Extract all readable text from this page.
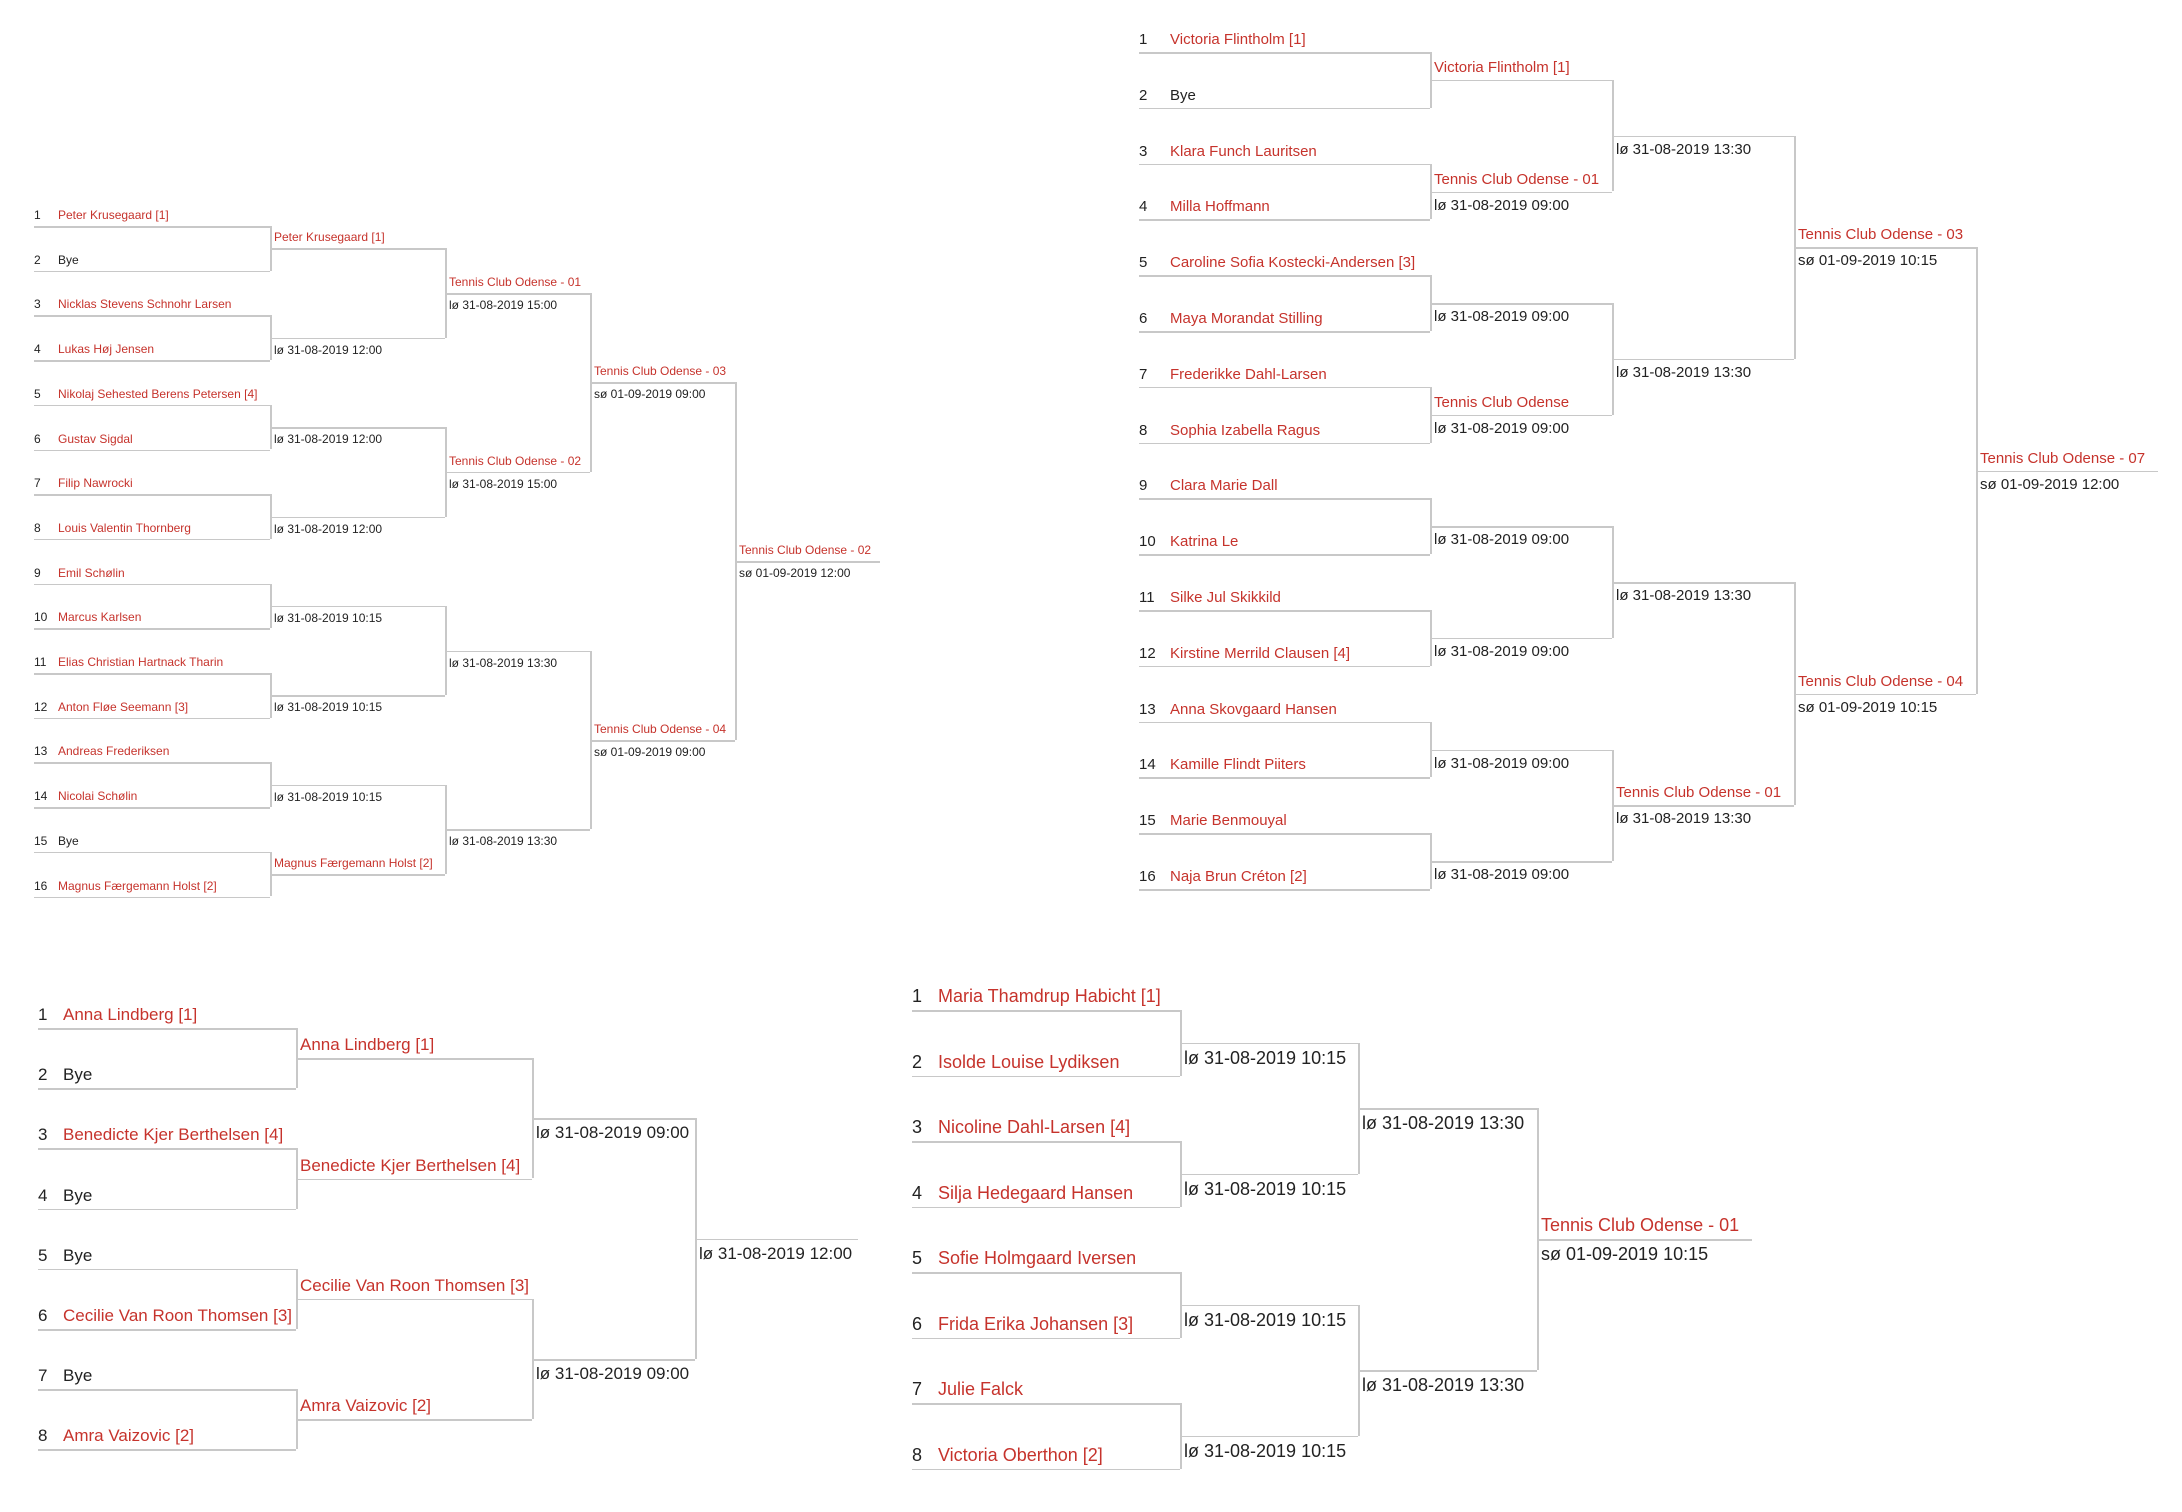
1 Peter Krusegaard [1]
2 Bye
3 Nicklas Stevens Schnohr Larsen
4 Lukas Høj Jensen
5 Nikolaj Sehested Berens Petersen [4]
6 Gustav Sigdal
7 Filip Nawrocki
8 Louis Valentin Thornberg
9 Emil Schølin
10 Marcus Karlsen
11 Elias Christian Hartnack Tharin
12 Anton Fløe Seemann [3]
13 Andreas Frederiksen
14 Nicolai Schølin
15 Bye
16 Magnus Færgemann Holst [2]
Peter Krusegaard [1]
lø 31-08-2019 12:00
lø 31-08-2019 12:00
lø 31-08-2019 12:00
lø 31-08-2019 10:15
lø 31-08-2019 10:15
lø 31-08-2019 10:15
Magnus Færgemann Holst [2]
Tennis Club Odense - 01
lø 31-08-2019 15:00
Tennis Club Odense - 02
lø 31-08-2019 15:00
lø 31-08-2019 13:30
lø 31-08-2019 13:30
Tennis Club Odense - 03
sø 01-09-2019 09:00
Tennis Club Odense - 04
sø 01-09-2019 09:00
Tennis Club Odense - 02
sø 01-09-2019 12:00
1 Victoria Flintholm [1]
2 Bye
3 Klara Funch Lauritsen
4 Milla Hoffmann
5 Caroline Sofia Kostecki-Andersen [3]
6 Maya Morandat Stilling
7 Frederikke Dahl-Larsen
8 Sophia Izabella Ragus
9 Clara Marie Dall
10 Katrina Le
11 Silke Jul Skikkild
12 Kirstine Merrild Clausen [4]
13 Anna Skovgaard Hansen
14 Kamille Flindt Piiters
15 Marie Benmouyal
16 Naja Brun Créton [2]
Victoria Flintholm [1]
Tennis Club Odense - 01
lø 31-08-2019 09:00
lø 31-08-2019 09:00
Tennis Club Odense
lø 31-08-2019 09:00
lø 31-08-2019 09:00
lø 31-08-2019 09:00
lø 31-08-2019 09:00
lø 31-08-2019 09:00
lø 31-08-2019 13:30
lø 31-08-2019 13:30
lø 31-08-2019 13:30
Tennis Club Odense - 01
lø 31-08-2019 13:30
Tennis Club Odense - 03
sø 01-09-2019 10:15
Tennis Club Odense - 04
sø 01-09-2019 10:15
Tennis Club Odense - 07
sø 01-09-2019 12:00
1 Anna Lindberg [1]
2 Bye
3 Benedicte Kjer Berthelsen [4]
4 Bye
5 Bye
6 Cecilie Van Roon Thomsen [3]
7 Bye
8 Amra Vaizovic [2]
Anna Lindberg [1]
Benedicte Kjer Berthelsen [4]
Cecilie Van Roon Thomsen [3]
Amra Vaizovic [2]
lø 31-08-2019 09:00
lø 31-08-2019 09:00
lø 31-08-2019 12:00
1 Maria Thamdrup Habicht [1]
2 Isolde Louise Lydiksen
3 Nicoline Dahl-Larsen [4]
4 Silja Hedegaard Hansen
5 Sofie Holmgaard Iversen
6 Frida Erika Johansen [3]
7 Julie Falck
8 Victoria Oberthon [2]
lø 31-08-2019 10:15
lø 31-08-2019 10:15
lø 31-08-2019 10:15
lø 31-08-2019 10:15
lø 31-08-2019 13:30
lø 31-08-2019 13:30
Tennis Club Odense - 01
sø 01-09-2019 10:15
